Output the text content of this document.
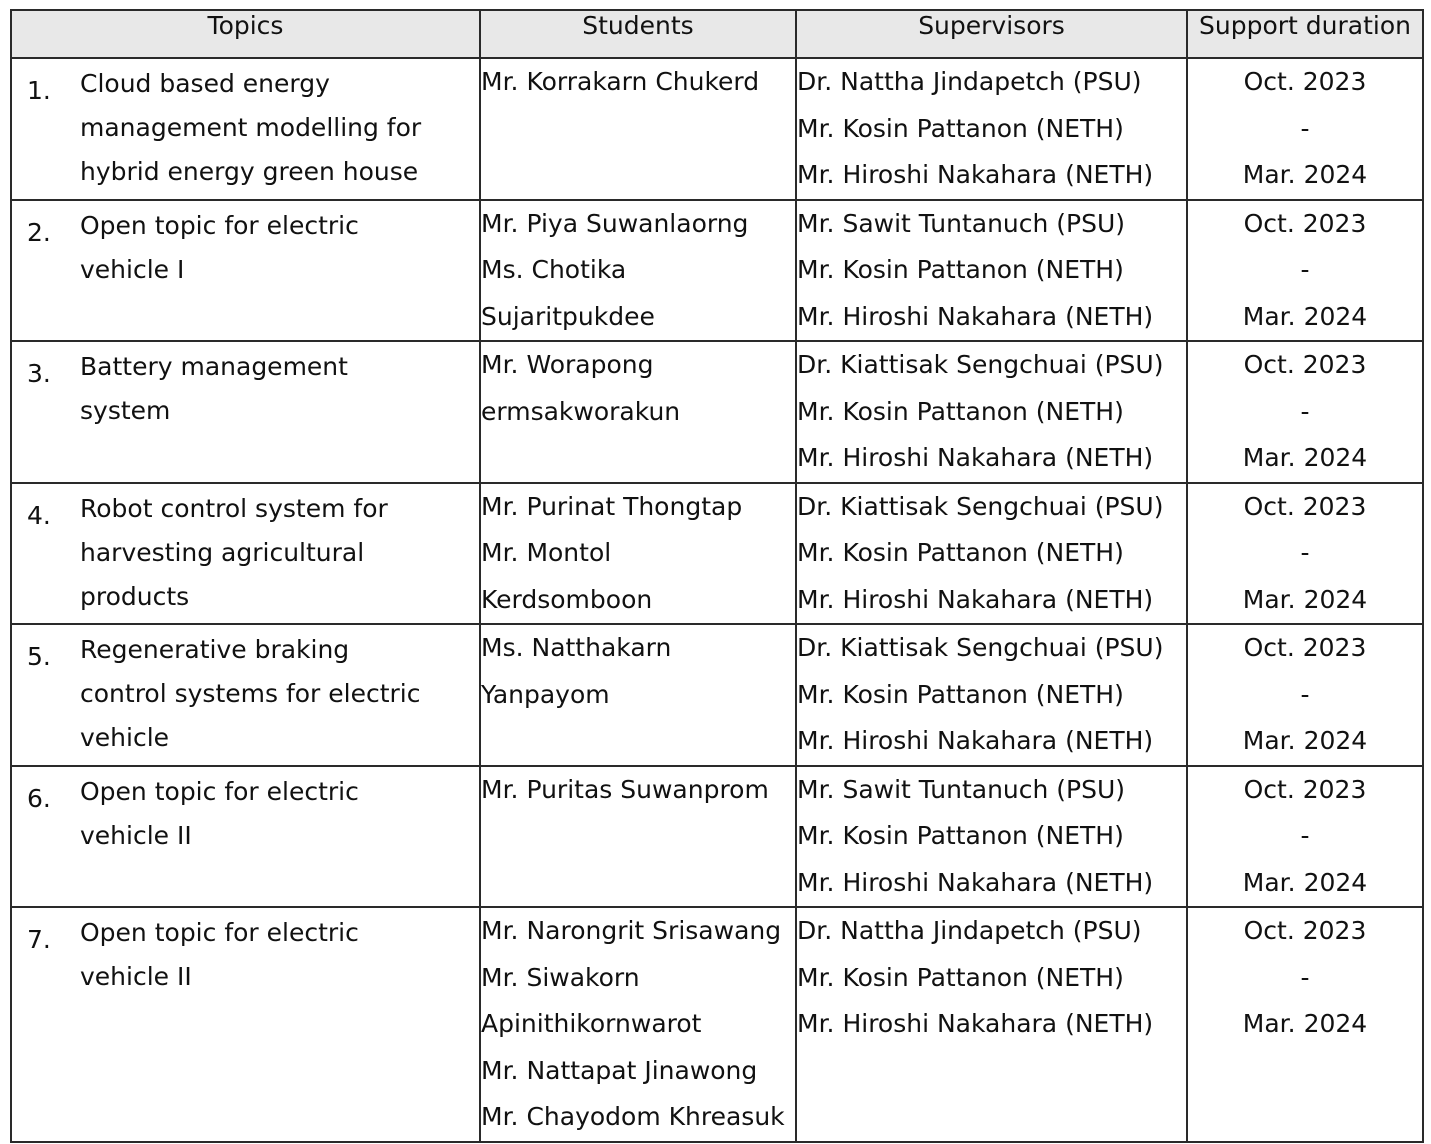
Topics	Students	Supervisors	Support duration

1. Cloud based energy
management modelling for
hybrid energy green house	Mr. Korrakarn Chukerd	Dr. Nattha Jindapetch (PSU)
Mr. Kosin Pattanon (NETH)
Mr. Hiroshi Nakahara (NETH)	Oct. 2023
-
Mar. 2024

2. Open topic for electric
vehicle I	Mr. Piya Suwanlaorng
Ms. Chotika
Sujaritpukdee	Mr. Sawit Tuntanuch (PSU)
Mr. Kosin Pattanon (NETH)
Mr. Hiroshi Nakahara (NETH)	Oct. 2023
-
Mar. 2024

3. Battery management
system	Mr. Worapong
ermsakworakun	Dr. Kiattisak Sengchuai (PSU)
Mr. Kosin Pattanon (NETH)
Mr. Hiroshi Nakahara (NETH)	Oct. 2023
-
Mar. 2024

4. Robot control system for
harvesting agricultural
products	Mr. Purinat Thongtap
Mr. Montol
Kerdsomboon	Dr. Kiattisak Sengchuai (PSU)
Mr. Kosin Pattanon (NETH)
Mr. Hiroshi Nakahara (NETH)	Oct. 2023
-
Mar. 2024

5. Regenerative braking
control systems for electric
vehicle	Ms. Natthakarn
Yanpayom	Dr. Kiattisak Sengchuai (PSU)
Mr. Kosin Pattanon (NETH)
Mr. Hiroshi Nakahara (NETH)	Oct. 2023
-
Mar. 2024

6. Open topic for electric
vehicle II	Mr. Puritas Suwanprom	Mr. Sawit Tuntanuch (PSU)
Mr. Kosin Pattanon (NETH)
Mr. Hiroshi Nakahara (NETH)	Oct. 2023
-
Mar. 2024

7. Open topic for electric
vehicle II	Mr. Narongrit Srisawang
Mr. Siwakorn
Apinithikornwarot
Mr. Nattapat Jinawong
Mr. Chayodom Khreasuk	Dr. Nattha Jindapetch (PSU)
Mr. Kosin Pattanon (NETH)
Mr. Hiroshi Nakahara (NETH)	Oct. 2023
-
Mar. 2024
